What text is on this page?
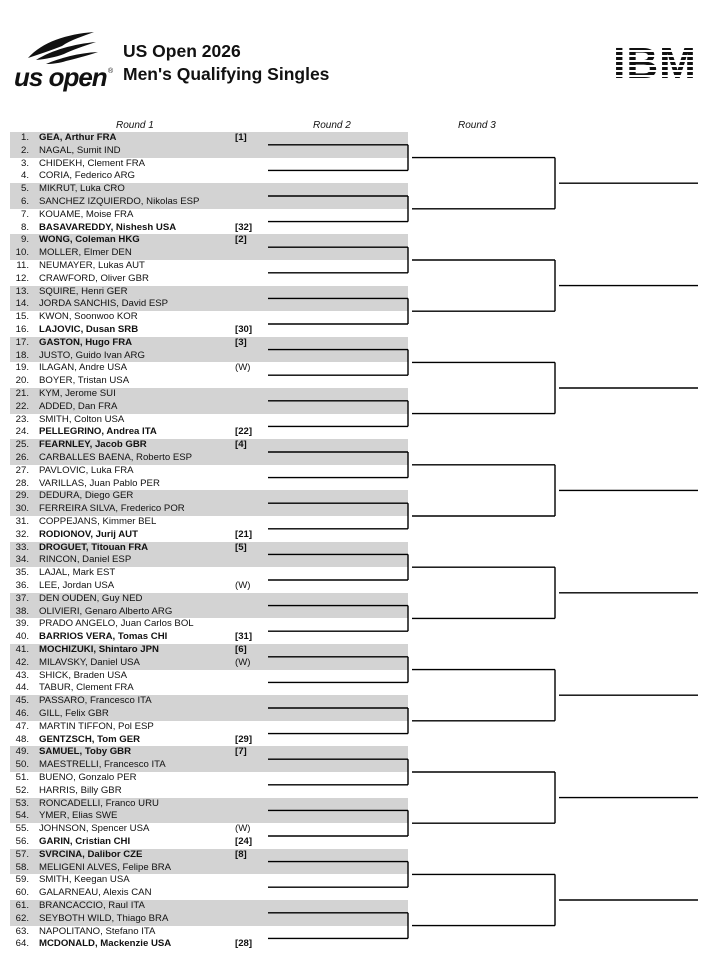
us open ®
US Open 2026
Men's Qualifying Singles	IBM
Round 1	Round 2	Round 3
1. GEA, Arthur FRA	[1]
2. NAGAL, Sumit IND
3. CHIDEKH, Clement FRA
4. CORIA, Federico ARG
5. MIKRUT, Luka CRO
6. SANCHEZ IZQUIERDO, Nikolas ESP
7. KOUAME, Moise FRA
8. BASAVAREDDY, Nishesh USA	[32]
9. WONG, Coleman HKG	[2]
10. MOLLER, Elmer DEN
11. NEUMAYER, Lukas AUT
12. CRAWFORD, Oliver GBR
13. SQUIRE, Henri GER
14. JORDA SANCHIS, David ESP
15. KWON, Soonwoo KOR
16. LAJOVIC, Dusan SRB	[30]
17. GASTON, Hugo FRA	[3]
18. JUSTO, Guido Ivan ARG
19. ILAGAN, Andre USA	(W)
20. BOYER, Tristan USA
21. KYM, Jerome SUI
22. ADDED, Dan FRA
23. SMITH, Colton USA
24. PELLEGRINO, Andrea ITA	[22]
25. FEARNLEY, Jacob GBR	[4]
26. CARBALLES BAENA, Roberto ESP
27. PAVLOVIC, Luka FRA
28. VARILLAS, Juan Pablo PER
29. DEDURA, Diego GER
30. FERREIRA SILVA, Frederico POR
31. COPPEJANS, Kimmer BEL
32. RODIONOV, Jurij AUT	[21]
33. DROGUET, Titouan FRA	[5]
34. RINCON, Daniel ESP
35. LAJAL, Mark EST
36. LEE, Jordan USA	(W)
37. DEN OUDEN, Guy NED
38. OLIVIERI, Genaro Alberto ARG
39. PRADO ANGELO, Juan Carlos BOL
40. BARRIOS VERA, Tomas CHI	[31]
41. MOCHIZUKI, Shintaro JPN	[6]
42. MILAVSKY, Daniel USA	(W)
43. SHICK, Braden USA
44. TABUR, Clement FRA
45. PASSARO, Francesco ITA
46. GILL, Felix GBR
47. MARTIN TIFFON, Pol ESP
48. GENTZSCH, Tom GER	[29]
49. SAMUEL, Toby GBR	[7]
50. MAESTRELLI, Francesco ITA
51. BUENO, Gonzalo PER
52. HARRIS, Billy GBR
53. RONCADELLI, Franco URU
54. YMER, Elias SWE
55. JOHNSON, Spencer USA	(W)
56. GARIN, Cristian CHI	[24]
57. SVRCINA, Dalibor CZE	[8]
58. MELIGENI ALVES, Felipe BRA
59. SMITH, Keegan USA
60. GALARNEAU, Alexis CAN
61. BRANCACCIO, Raul ITA
62. SEYBOTH WILD, Thiago BRA
63. NAPOLITANO, Stefano ITA
64. MCDONALD, Mackenzie USA	[28]
